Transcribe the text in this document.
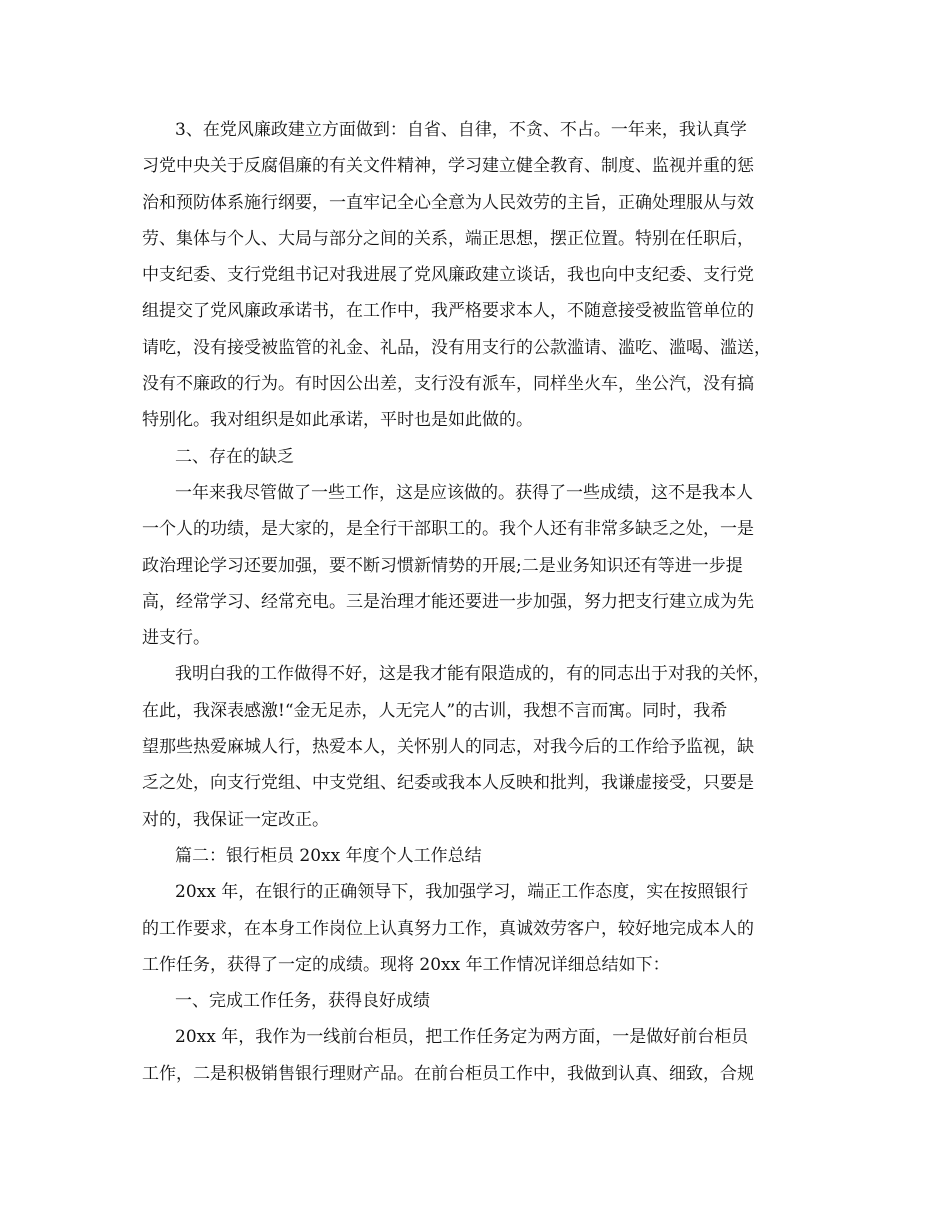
3、在党风廉政建立方面做到：自省、自律，不贪、不占。一年来，我认真学
习党中央关于反腐倡廉的有关文件精神，学习建立健全教育、制度、监视并重的惩
治和预防体系施行纲要，一直牢记全心全意为人民效劳的主旨，正确处理服从与效
劳、集体与个人、大局与部分之间的关系，端正思想，摆正位置。特别在任职后，
中支纪委、支行党组书记对我进展了党风廉政建立谈话，我也向中支纪委、支行党
组提交了党风廉政承诺书，在工作中，我严格要求本人，不随意接受被监管单位的
请吃，没有接受被监管的礼金、礼品，没有用支行的公款滥请、滥吃、滥喝、滥送，
没有不廉政的行为。有时因公出差，支行没有派车，同样坐火车，坐公汽，没有搞
特别化。我对组织是如此承诺，平时也是如此做的。
二、存在的缺乏
一年来我尽管做了一些工作，这是应该做的。获得了一些成绩，这不是我本人
一个人的功绩，是大家的，是全行干部职工的。我个人还有非常多缺乏之处，一是
政治理论学习还要加强，要不断习惯新情势的开展;二是业务知识还有等进一步提
高，经常学习、经常充电。三是治理才能还要进一步加强，努力把支行建立成为先
进支行。
我明白我的工作做得不好，这是我才能有限造成的，有的同志出于对我的关怀，
在此，我深表感激!“金无足赤，人无完人”的古训，我想不言而寓。同时，我希
望那些热爱麻城人行，热爱本人，关怀别人的同志，对我今后的工作给予监视，缺
乏之处，向支行党组、中支党组、纪委或我本人反映和批判，我谦虚接受，只要是
对的，我保证一定改正。
篇二：银行柜员 20xx 年度个人工作总结
20xx 年，在银行的正确领导下，我加强学习，端正工作态度，实在按照银行
的工作要求，在本身工作岗位上认真努力工作，真诚效劳客户，较好地完成本人的
工作任务，获得了一定的成绩。现将 20xx 年工作情况详细总结如下：
一、完成工作任务，获得良好成绩
20xx 年，我作为一线前台柜员，把工作任务定为两方面，一是做好前台柜员
工作，二是积极销售银行理财产品。在前台柜员工作中，我做到认真、细致，合规
